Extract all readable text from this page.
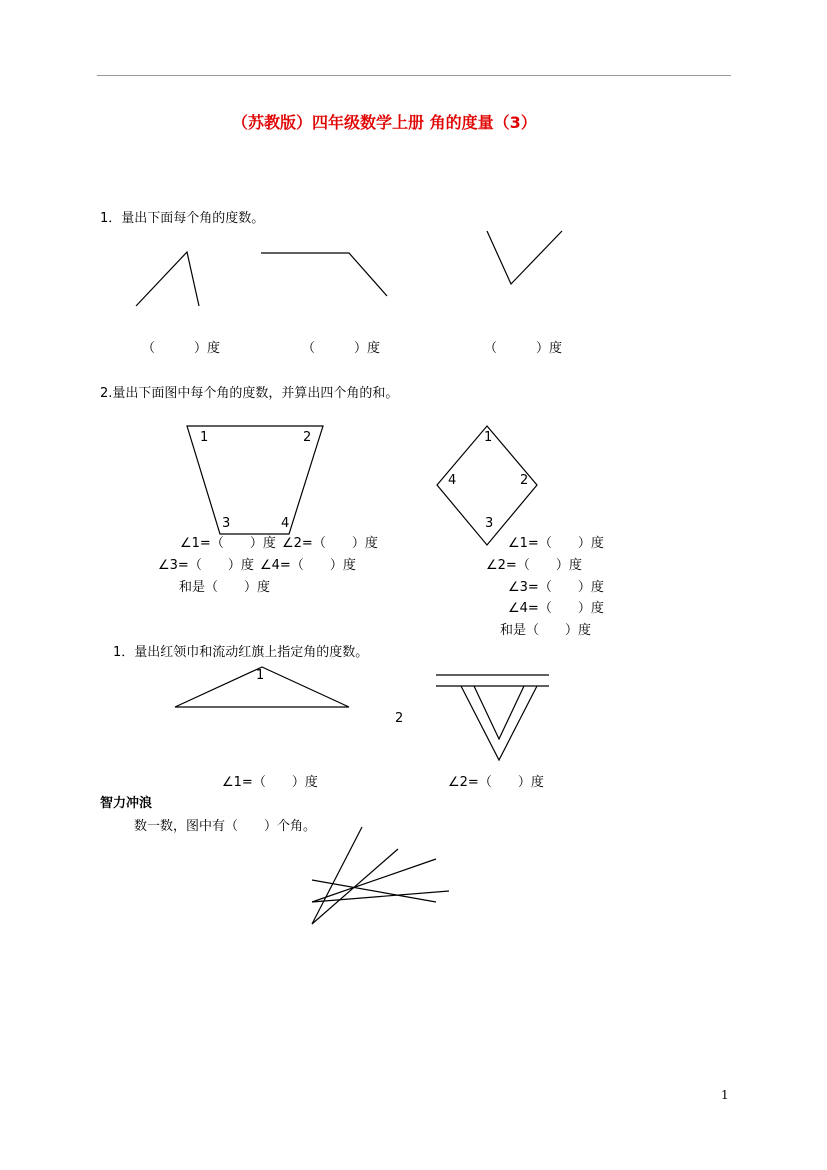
（苏教版）四年级数学上册 角的度量（3）
1．量出下面每个角的度数。
（　　　）度	（　　　）度	（　　　）度
2.量出下面图中每个角的度数，并算出四个角的和。
1	2
3	4
1
2
3
4
∠1=（　　）度 ∠2=（　　）度
∠3=（　　）度 ∠4=（　　）度
和是（　　）度
∠1=（　　）度
∠2=（　　）度
∠3=（　　）度
∠4=（　　）度
和是（　　）度
1．量出红领巾和流动红旗上指定角的度数。
1
2
∠1=（　　）度	∠2=（　　）度
智力冲浪
数一数，图中有（　　）个角。
1
